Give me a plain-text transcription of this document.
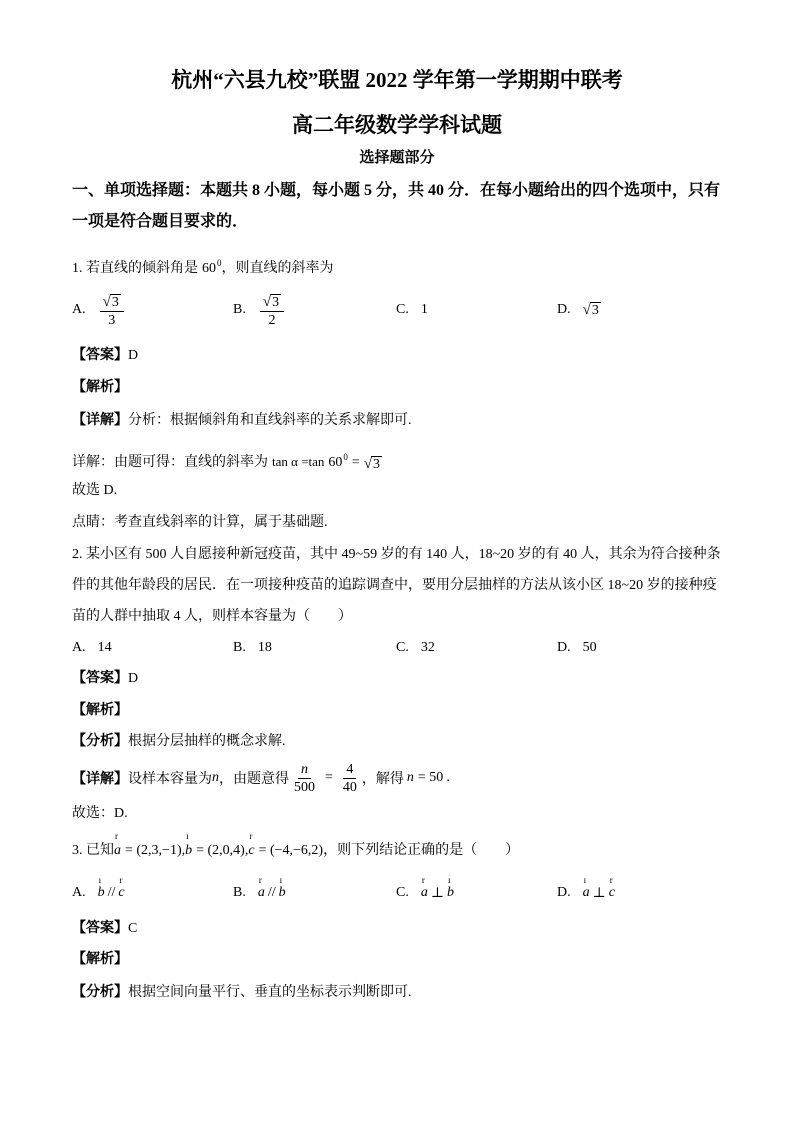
杭州“六县九校”联盟 2022 学年第一学期期中联考
高二年级数学学科试题
选择题部分
一、单项选择题：本题共 8 小题，每小题 5 分，共 40 分．在每小题给出的四个选项中，只有
一项是符合题目要求的．
1. 若直线的倾斜角是 $60^0$，则直线的斜率为
A. $\frac{√ 3}{3}$	B. $\frac{√ 3}{2}$	C. 1	D. √ 3
【答案】D
【解析】
【详解】分析：根据倾斜角和直线斜率的关系求解即可.
详解：由题可得：直线的斜率为 tan α =tan $60^0$ = √ 3
故选 D.
点睛：考查直线斜率的计算，属于基础题.
2. 某小区有 500 人自愿接种新冠疫苗，其中 49~59 岁的有 140 人，18~20 岁的有 40 人，其余为符合接种条
件的其他年龄段的居民．在一项接种疫苗的追踪调查中，要用分层抽样的方法从该小区 18~20 岁的接种疫
苗的人群中抽取 4 人，则样本容量为（　　）
A. 14	B. 18	C. 32	D. 50
【答案】D
【解析】
【分析】根据分层抽样的概念求解.
【详解】 设样本容量为 n ，由题意得 $\frac{n}{500} = \frac{4}{40}$ ，解得 n = 50 .
故选：D.
3. 已知
r
a = (2,3,−1),
ı
b = (2,0,4),
r
c = (−4,−6,2)，则下列结论正确的是（　　）
A.
ı
b //
r
c	B.
r
a //
ı
b	C.
r
a ⊥
ı
b	D.
ı
a ⊥
r
c
【答案】C
【解析】
【分析】根据空间向量平行、垂直的坐标表示判断即可.
